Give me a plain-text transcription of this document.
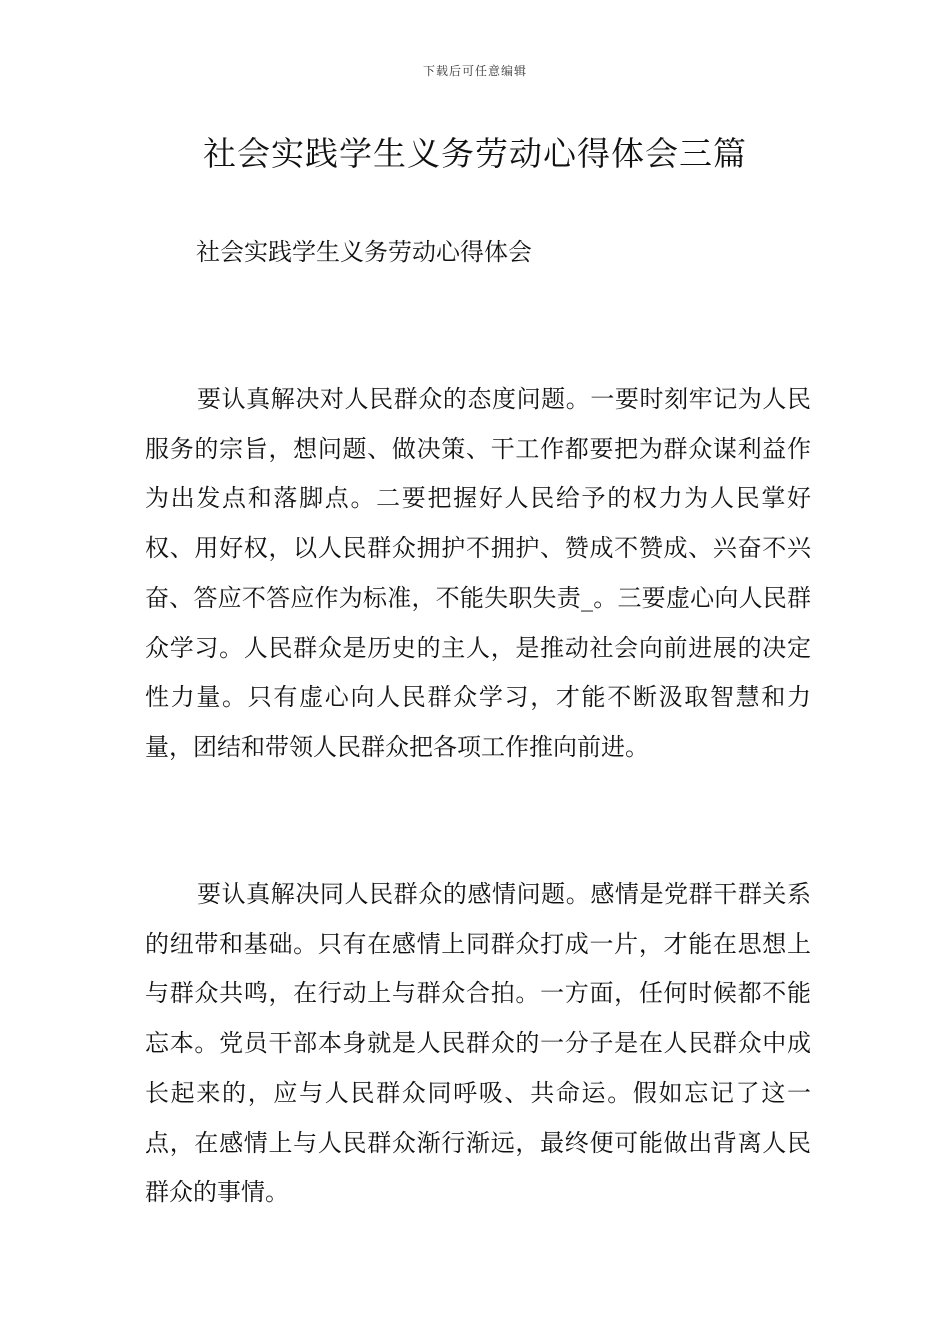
下载后可任意编辑
社会实践学生义务劳动心得体会三篇

社会实践学生义务劳动心得体会

要认真解决对人民群众的态度问题。一要时刻牢记为人民服务的宗旨，想问题、做决策、干工作都要把为群众谋利益作为出发点和落脚点。二要把握好人民给予的权力为人民掌好权、用好权，以人民群众拥护不拥护、赞成不赞成、兴奋不兴奋、答应不答应作为标准，不能失职失责_。三要虚心向人民群众学习。人民群众是历史的主人，是推动社会向前进展的决定性力量。只有虚心向人民群众学习，才能不断汲取智慧和力量，团结和带领人民群众把各项工作推向前进。

要认真解决同人民群众的感情问题。感情是党群干群关系的纽带和基础。只有在感情上同群众打成一片，才能在思想上与群众共鸣，在行动上与群众合拍。一方面，任何时候都不能忘本。党员干部本身就是人民群众的一分子是在人民群众中成长起来的，应与人民群众同呼吸、共命运。假如忘记了这一点，在感情上与人民群众渐行渐远，最终便可能做出背离人民群众的事情。
